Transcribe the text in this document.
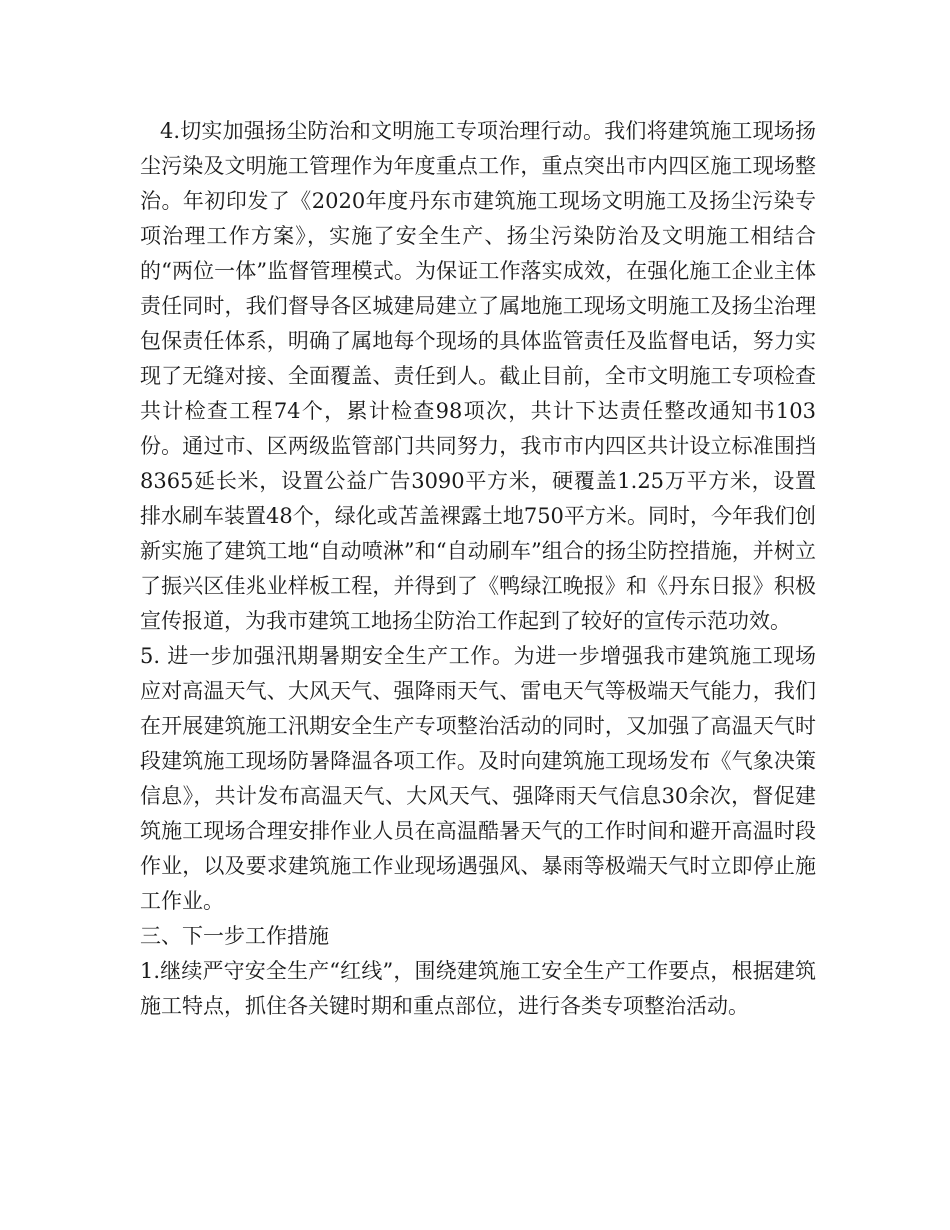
4.切实加强扬尘防治和文明施工专项治理行动。我们将建筑施工现场扬尘污染及文明施工管理作为年度重点工作，重点突出市内四区施工现场整治。年初印发了《2020年度丹东市建筑施工现场文明施工及扬尘污染专项治理工作方案》，实施了安全生产、扬尘污染防治及文明施工相结合的“两位一体”监督管理模式。为保证工作落实成效，在强化施工企业主体责任同时，我们督导各区城建局建立了属地施工现场文明施工及扬尘治理包保责任体系，明确了属地每个现场的具体监管责任及监督电话，努力实现了无缝对接、全面覆盖、责任到人。截止目前，全市文明施工专项检查共计检查工程74个，累计检查98项次，共计下达责任整改通知书103份。通过市、区两级监管部门共同努力，我市市内四区共计设立标准围挡8365延长米，设置公益广告3090平方米，硬覆盖1.25万平方米，设置排水刷车装置48个，绿化或苫盖裸露土地750平方米。同时，今年我们创新实施了建筑工地“自动喷淋”和“自动刷车”组合的扬尘防控措施，并树立了振兴区佳兆业样板工程，并得到了《鸭绿江晚报》和《丹东日报》积极宣传报道，为我市建筑工地扬尘防治工作起到了较好的宣传示范功效。

5. 进一步加强汛期暑期安全生产工作。为进一步增强我市建筑施工现场应对高温天气、大风天气、强降雨天气、雷电天气等极端天气能力，我们在开展建筑施工汛期安全生产专项整治活动的同时，又加强了高温天气时段建筑施工现场防暑降温各项工作。及时向建筑施工现场发布《气象决策信息》，共计发布高温天气、大风天气、强降雨天气信息30余次，督促建筑施工现场合理安排作业人员在高温酷暑天气的工作时间和避开高温时段作业，以及要求建筑施工作业现场遇强风、暴雨等极端天气时立即停止施工作业。

三、下一步工作措施

1.继续严守安全生产“红线”，围绕建筑施工安全生产工作要点，根据建筑施工特点，抓住各关键时期和重点部位，进行各类专项整治活动。
